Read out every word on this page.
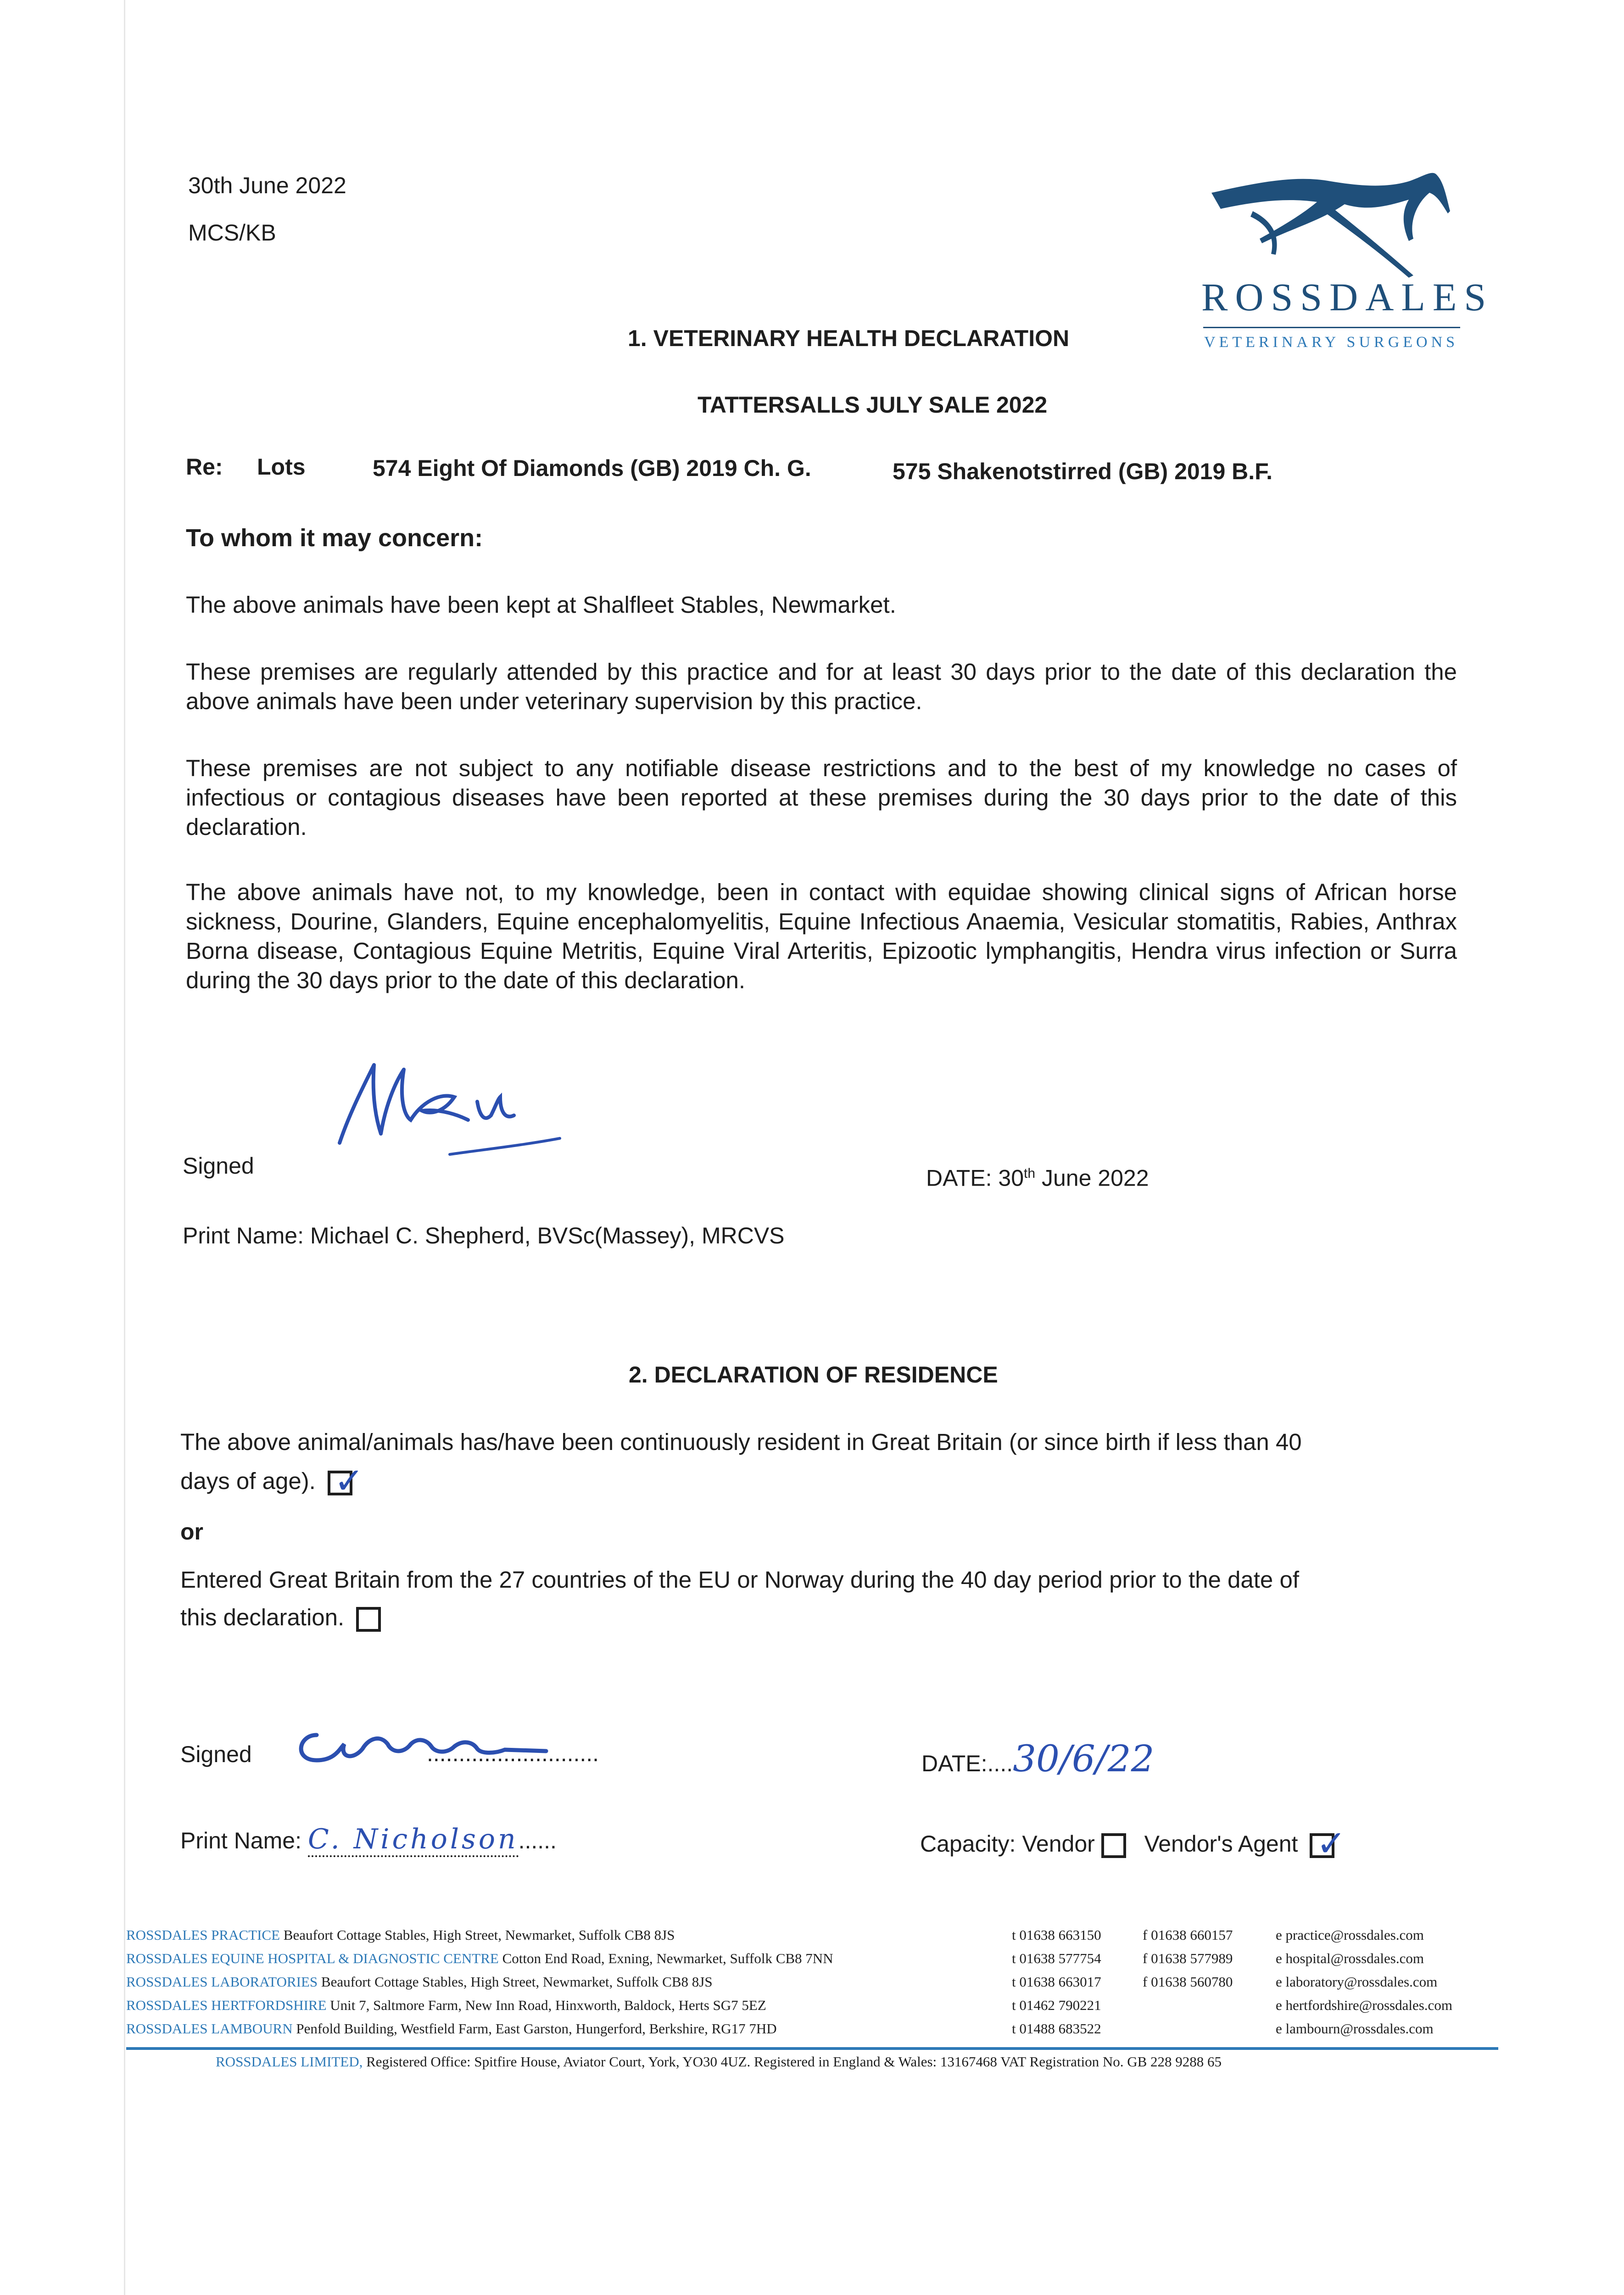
30th June 2022
MCS/KB
ROSSDALES
VETERINARY SURGEONS
1. VETERINARY HEALTH DECLARATION
TATTERSALLS JULY SALE 2022
Re: Lots	574 Eight Of Diamonds (GB) 2019 Ch. G.	575 Shakenotstirred (GB) 2019 B.F.
To whom it may concern:
The above animals have been kept at Shalfleet Stables, Newmarket.
These premises are regularly attended by this practice and for at least 30 days prior to the date of this declaration the above animals have been under veterinary supervision by this practice.
These premises are not subject to any notifiable disease restrictions and to the best of my knowledge no cases of infectious or contagious diseases have been reported at these premises during the 30 days prior to the date of this declaration.
The above animals have not, to my knowledge, been in contact with equidae showing clinical signs of African horse sickness, Dourine, Glanders, Equine encephalomyelitis, Equine Infectious Anaemia, Vesicular stomatitis, Rabies, Anthrax Borna disease, Contagious Equine Metritis, Equine Viral Arteritis, Epizootic lymphangitis, Hendra virus infection or Surra during the 30 days prior to the date of this declaration.
Signed	DATE: 30th June 2022
Print Name: Michael C. Shepherd, BVSc(Massey), MRCVS
2. DECLARATION OF RESIDENCE
The above animal/animals has/have been continuously resident in Great Britain (or since birth if less than 40
days of age). ✓
or
Entered Great Britain from the 27 countries of the EU or Norway during the 40 day period prior to the date of
this declaration.
Signed	...........................	DATE:....30/6/22
Print Name: C. Nicholson......	Capacity: Vendor Vendor's Agent ✓
ROSSDALES PRACTICE Beaufort Cottage Stables, High Street, Newmarket, Suffolk CB8 8JS	t 01638 663150	f 01638 660157	e practice@rossdales.com
ROSSDALES EQUINE HOSPITAL & DIAGNOSTIC CENTRE Cotton End Road, Exning, Newmarket, Suffolk CB8 7NN	t 01638 577754	f 01638 577989	e hospital@rossdales.com
ROSSDALES LABORATORIES Beaufort Cottage Stables, High Street, Newmarket, Suffolk CB8 8JS	t 01638 663017	f 01638 560780	e laboratory@rossdales.com
ROSSDALES HERTFORDSHIRE Unit 7, Saltmore Farm, New Inn Road, Hinxworth, Baldock, Herts SG7 5EZ	t 01462 790221	e hertfordshire@rossdales.com
ROSSDALES LAMBOURN Penfold Building, Westfield Farm, East Garston, Hungerford, Berkshire, RG17 7HD	t 01488 683522	e lambourn@rossdales.com
ROSSDALES LIMITED, Registered Office: Spitfire House, Aviator Court, York, YO30 4UZ. Registered in England & Wales: 13167468 VAT Registration No. GB 228 9288 65
